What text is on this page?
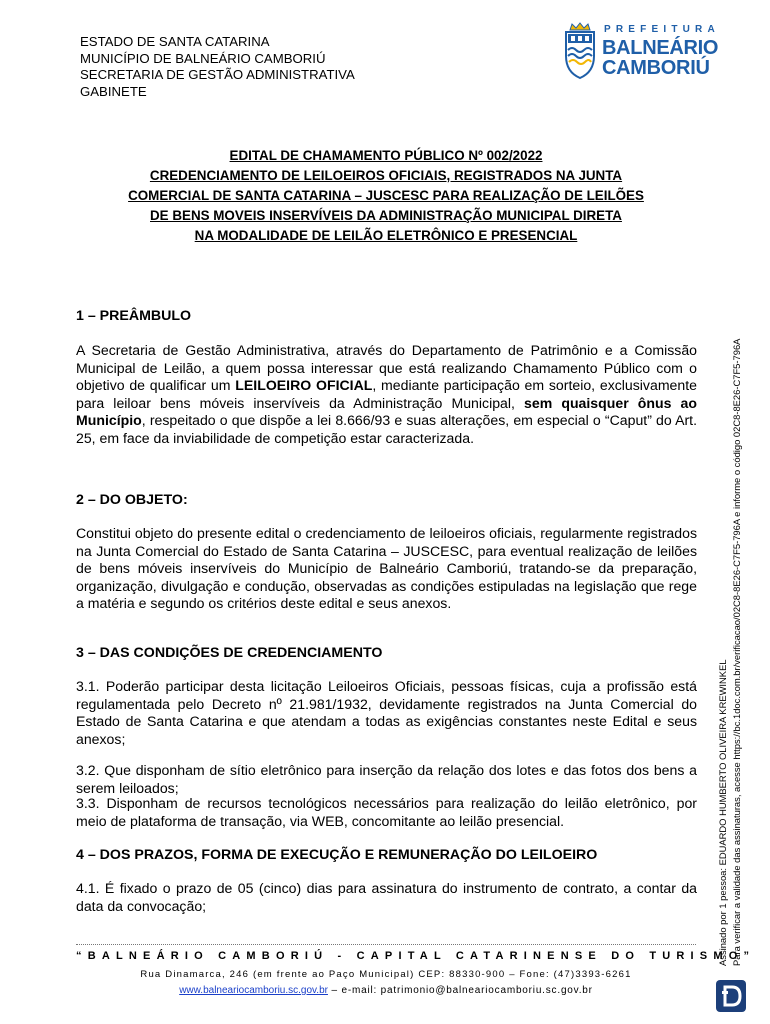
ESTADO DE SANTA CATARINA
MUNICÍPIO DE BALNEÁRIO CAMBORIÚ
SECRETARIA DE GESTÃO ADMINISTRATIVA
GABINETE
PREFEITURA
BALNEÁRIO
CAMBORIÚ
EDITAL DE CHAMAMENTO PÚBLICO Nº 002/2022
CREDENCIAMENTO DE LEILOEIROS OFICIAIS, REGISTRADOS NA JUNTA
COMERCIAL DE SANTA CATARINA – JUSCESC PARA REALIZAÇÃO DE LEILÕES
DE BENS MOVEIS INSERVÍVEIS DA ADMINISTRAÇÃO MUNICIPAL DIRETA
NA MODALIDADE DE LEILÃO ELETRÔNICO E PRESENCIAL
1 – PREÂMBULO
A Secretaria de Gestão Administrativa, através do Departamento de Patrimônio e a Comissão Municipal de Leilão, a quem possa interessar que está realizando Chamamento Público com o objetivo de qualificar um LEILOEIRO OFICIAL, mediante participação em sorteio, exclusivamente para leiloar bens móveis inservíveis da Administração Municipal, sem quaisquer ônus ao Município, respeitado o que dispõe a lei 8.666/93 e suas alterações, em especial o “Caput” do Art. 25, em face da inviabilidade de competição estar caracterizada.
2 – DO OBJETO:
Constitui objeto do presente edital o credenciamento de leiloeiros oficiais, regularmente registrados na Junta Comercial do Estado de Santa Catarina – JUSCESC, para eventual realização de leilões de bens móveis inservíveis do Município de Balneário Camboriú, tratando-se da preparação, organização, divulgação e condução, observadas as condições estipuladas na legislação que rege a matéria e segundo os critérios deste edital e seus anexos.
3 – DAS CONDIÇÕES DE CREDENCIAMENTO
3.1. Poderão participar desta licitação Leiloeiros Oficiais, pessoas físicas, cuja a profissão está regulamentada pelo Decreto nº 21.981/1932, devidamente registrados na Junta Comercial do Estado de Santa Catarina e que atendam a todas as exigências constantes neste Edital e seus anexos;
3.2. Que disponham de sítio eletrônico para inserção da relação dos lotes e das fotos dos bens a serem leiloados;
3.3. Disponham de recursos tecnológicos necessários para realização do leilão eletrônico, por meio de plataforma de transação, via WEB, concomitante ao leilão presencial.
4 – DOS PRAZOS, FORMA DE EXECUÇÃO E REMUNERAÇÃO DO LEILOEIRO
4.1. É fixado o prazo de 05 (cinco) dias para assinatura do instrumento de contrato, a contar da data da convocação;	Assinado por 1 pessoa: EDUARDO HUMBERTO OLIVEIRA KREWINKEL Para verificar a validade das assinaturas, acesse https://bc.1doc.com.br/verificacao/02C8-8E26-C7F5-796A e informe o código 02C8-8E26-C7F5-796A
“BALNEÁRIO CAMBORIÚ - CAPITAL CATARINENSE DO TURISMO”
Rua Dinamarca, 246 (em frente ao Paço Municipal) CEP: 88330-900 – Fone: (47)3393-6261
www.balneariocamboriu.sc.gov.br – e-mail: patrimonio@balneariocamboriu.sc.gov.br
